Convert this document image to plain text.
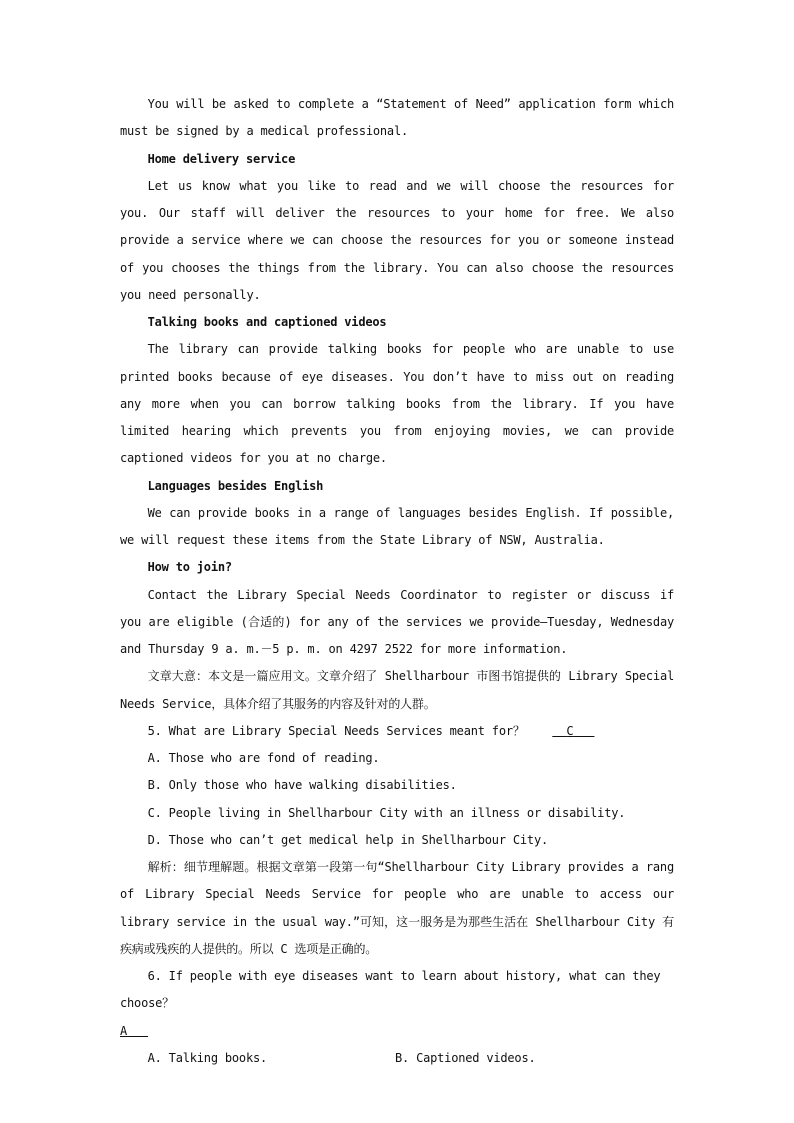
You will be asked to complete a “Statement of Need” application form which must be signed by a medical professional.

Home delivery service

Let us know what you like to read and we will choose the resources for you. Our staff will deliver the resources to your home for free. We also provide a service where we can choose the resources for you or someone instead of you chooses the things from the library. You can also choose the resources you need personally.

Talking books and captioned videos

The library can provide talking books for people who are unable to use printed books because of eye diseases. You don’t have to miss out on reading any more when you can borrow talking books from the library. If you have limited hearing which prevents you from enjoying movies, we can provide captioned videos for you at no charge.

Languages besides English

We can provide books in a range of languages besides English. If possible, we will request these items from the State Library of NSW, Australia.

How to join?

Contact the Library Special Needs Coordinator to register or discuss if you are eligible (合适的) for any of the services we provide—Tuesday, Wednesday and Thursday 9 a. m.－5 p. m. on 4297 2522 for more information.

文章大意：本文是一篇应用文。文章介绍了 Shellharbour 市图书馆提供的 Library Special Needs Service，具体介绍了其服务的内容及针对的人群。

5. What are Library Special Needs Services meant for？	C

A. Those who are fond of reading.

B. Only those who have walking disabilities.

C. People living in Shellharbour City with an illness or disability.

D. Those who can’t get medical help in Shellharbour City.

解析：细节理解题。根据文章第一段第一句“Shellharbour City Library provides a rang of Library Special Needs Service for people who are unable to access our library service in the usual way.”可知，这一服务是为那些生活在 Shellharbour City 有疾病或残疾的人提供的。所以 C 选项是正确的。

6. If people with eye diseases want to learn about history, what can they choose？

A

A. Talking books.	B. Captioned videos.
